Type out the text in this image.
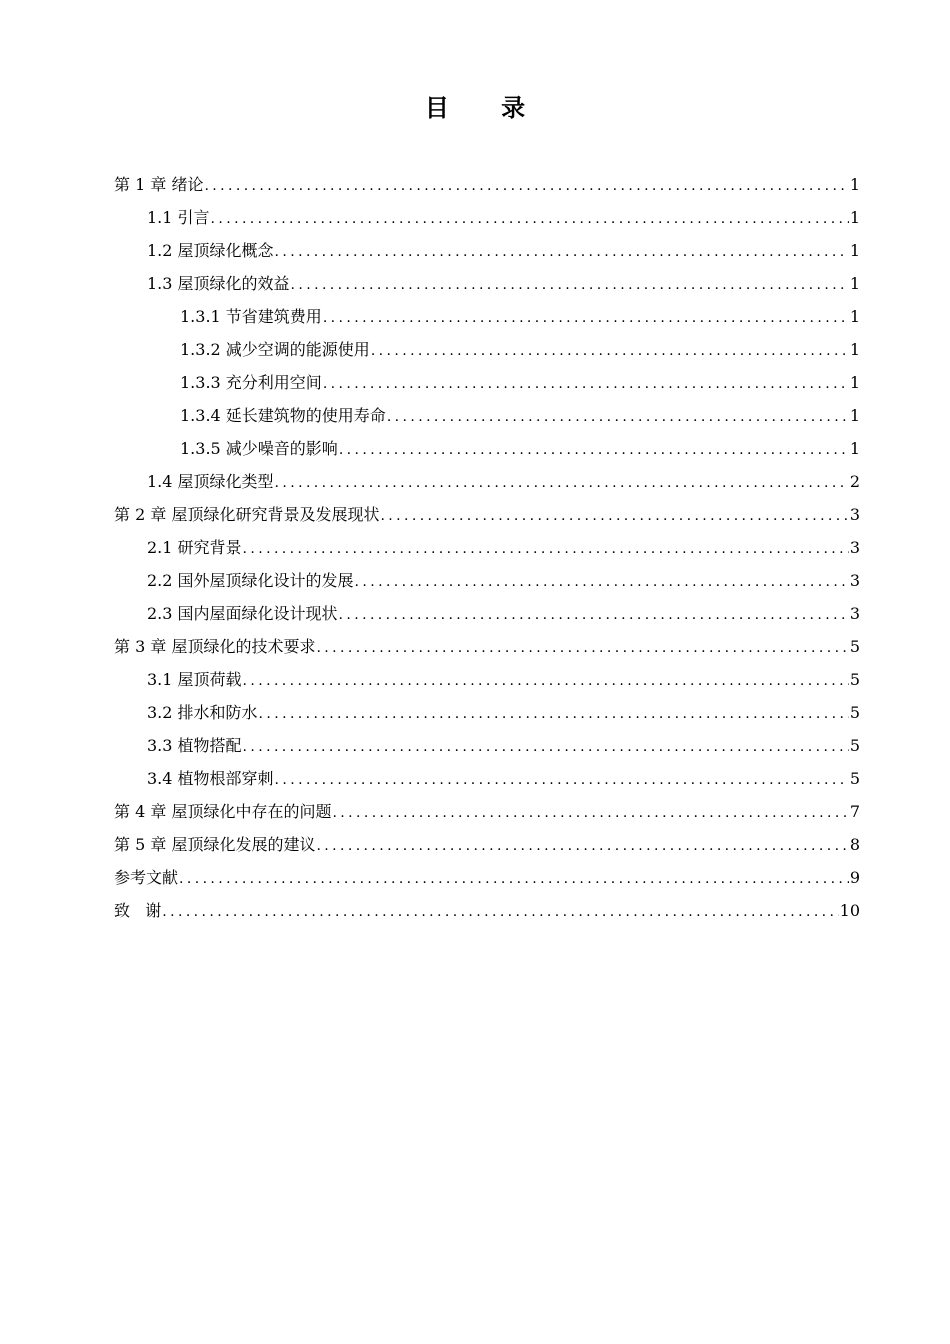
目 录
第 1 章 绪论 .....	1
1.1 引言 .....	1
1.2 屋顶绿化概念 .....	1
1.3 屋顶绿化的效益 .....	1
1.3.1 节省建筑费用 .....	1
1.3.2 减少空调的能源使用 .....	1
1.3.3 充分利用空间 .....	1
1.3.4 延长建筑物的使用寿命 .....	1
1.3.5 减少噪音的影响 .....	1
1.4 屋顶绿化类型 .....	2
第 2 章 屋顶绿化研究背景及发展现状 .....	3
2.1 研究背景 .....	3
2.2 国外屋顶绿化设计的发展 .....	3
2.3 国内屋面绿化设计现状 .....	3
第 3 章 屋顶绿化的技术要求 .....	5
3.1 屋顶荷载 .....	5
3.2 排水和防水 .....	5
3.3 植物搭配 .....	5
3.4 植物根部穿刺 .....	5
第 4 章 屋顶绿化中存在的问题 .....	7
第 5 章 屋顶绿化发展的建议 .....	8
参考文献 .....	9
致   谢 .....	10
